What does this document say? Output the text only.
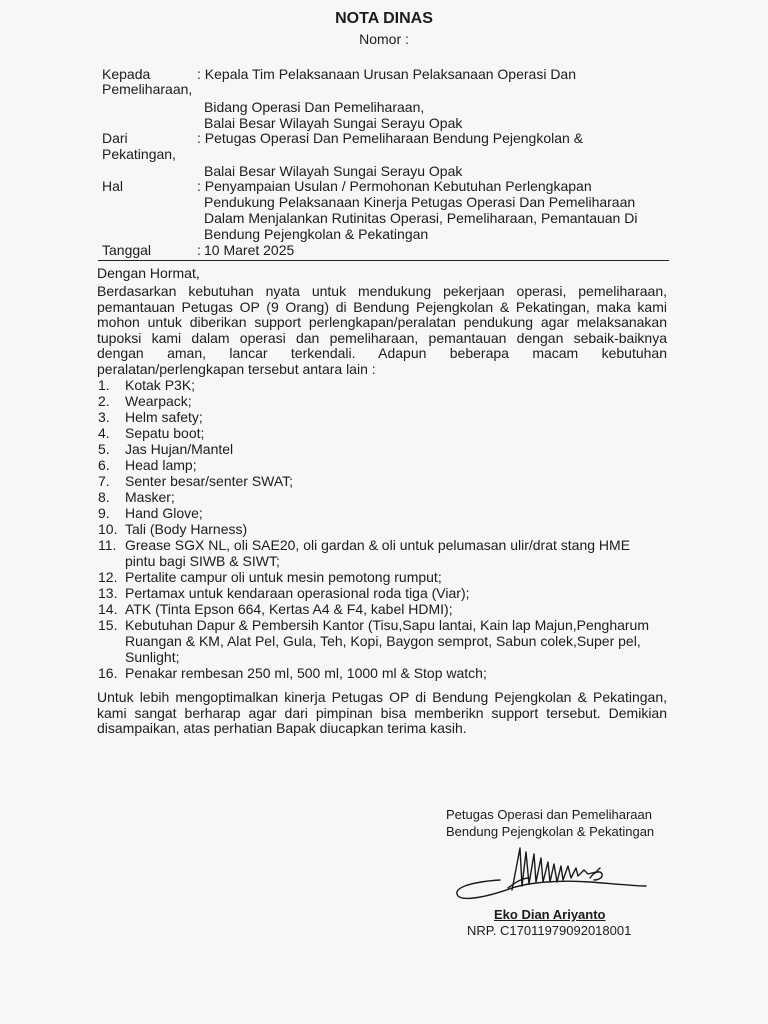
NOTA DINAS
Nomor :
Kepada	: Kepala Tim Pelaksanaan Urusan Pelaksanaan Operasi Dan
Pemeliharaan,
Bidang Operasi Dan Pemeliharaan,
Balai Besar Wilayah Sungai Serayu Opak
Dari	: Petugas Operasi Dan Pemeliharaan Bendung Pejengkolan &
Pekatingan,
Balai Besar Wilayah Sungai Serayu Opak
Hal	: Penyampaian Usulan / Permohonan Kebutuhan Perlengkapan
Pendukung Pelaksanaan Kinerja Petugas Operasi Dan Pemeliharaan
Dalam Menjalankan Rutinitas Operasi, Pemeliharaan, Pemantauan Di
Bendung Pejengkolan & Pekatingan
Tanggal	: 10 Maret 2025
Dengan Hormat,
Berdasarkan kebutuhan nyata untuk mendukung pekerjaan operasi, pemeliharaan,
pemantauan Petugas OP (9 Orang) di Bendung Pejengkolan & Pekatingan, maka kami
mohon untuk diberikan support perlengkapan/peralatan pendukung agar melaksanakan
tupoksi kami dalam operasi dan pemeliharaan, pemantauan dengan sebaik-baiknya
dengan aman, lancar terkendali. Adapun beberapa macam kebutuhan
peralatan/perlengkapan tersebut antara lain :
1. Kotak P3K;
2. Wearpack;
3. Helm safety;
4. Sepatu boot;
5. Jas Hujan/Mantel
6. Head lamp;
7. Senter besar/senter SWAT;
8. Masker;
9. Hand Glove;
10. Tali (Body Harness)
11. Grease SGX NL, oli SAE20, oli gardan & oli untuk pelumasan ulir/drat stang HME
pintu bagi SIWB & SIWT;
12. Pertalite campur oli untuk mesin pemotong rumput;
13. Pertamax untuk kendaraan operasional roda tiga (Viar);
14. ATK (Tinta Epson 664, Kertas A4 & F4, kabel HDMI);
15. Kebutuhan Dapur & Pembersih Kantor (Tisu,Sapu lantai, Kain lap Majun,Pengharum
Ruangan & KM, Alat Pel, Gula, Teh, Kopi, Baygon semprot, Sabun colek,Super pel,
Sunlight;
16. Penakar rembesan 250 ml, 500 ml, 1000 ml & Stop watch;
Untuk lebih mengoptimalkan kinerja Petugas OP di Bendung Pejengkolan & Pekatingan,
kami sangat berharap agar dari pimpinan bisa memberikn support tersebut. Demikian
disampaikan, atas perhatian Bapak diucapkan terima kasih.
Petugas Operasi dan Pemeliharaan
Bendung Pejengkolan & Pekatingan
Eko Dian Ariyanto
NRP. C17011979092018001
